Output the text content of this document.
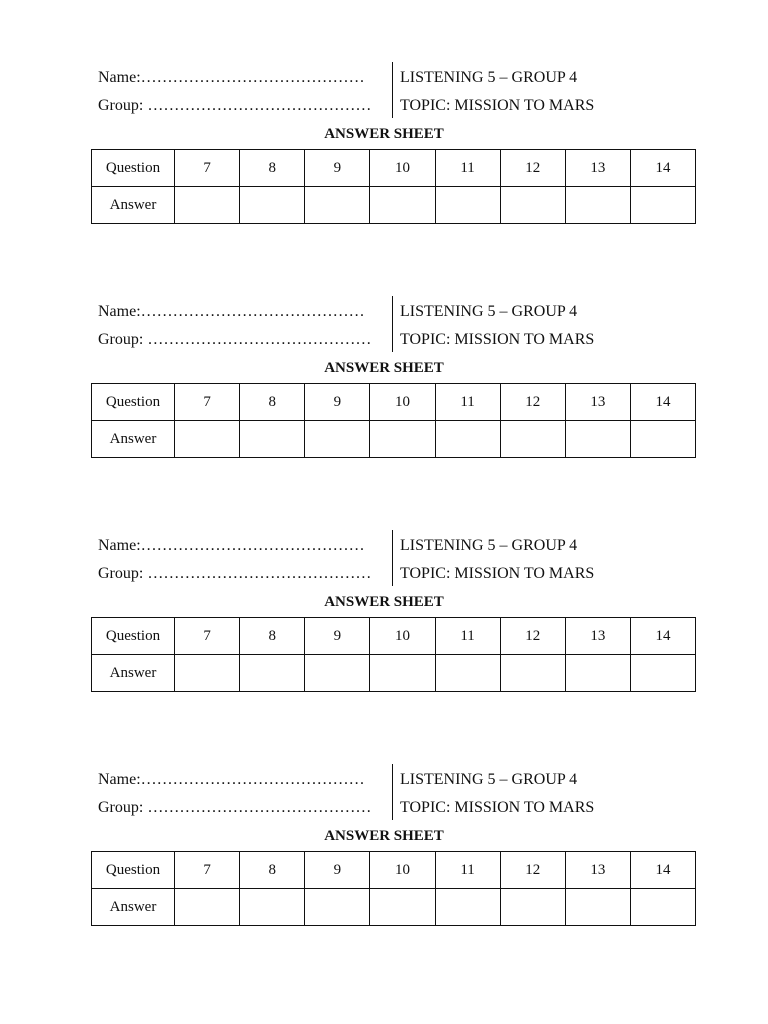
Name:……………………………………
Group: ……………………………………
LISTENING 5 – GROUP 4
TOPIC: MISSION TO MARS
ANSWER SHEET
Question	7	8	9	10	11	12	13	14
Answer								
Name:……………………………………
Group: ……………………………………
LISTENING 5 – GROUP 4
TOPIC: MISSION TO MARS
ANSWER SHEET
Question	7	8	9	10	11	12	13	14
Answer								
Name:……………………………………
Group: ……………………………………
LISTENING 5 – GROUP 4
TOPIC: MISSION TO MARS
ANSWER SHEET
Question	7	8	9	10	11	12	13	14
Answer								
Name:……………………………………
Group: ……………………………………
LISTENING 5 – GROUP 4
TOPIC: MISSION TO MARS
ANSWER SHEET
Question	7	8	9	10	11	12	13	14
Answer								
